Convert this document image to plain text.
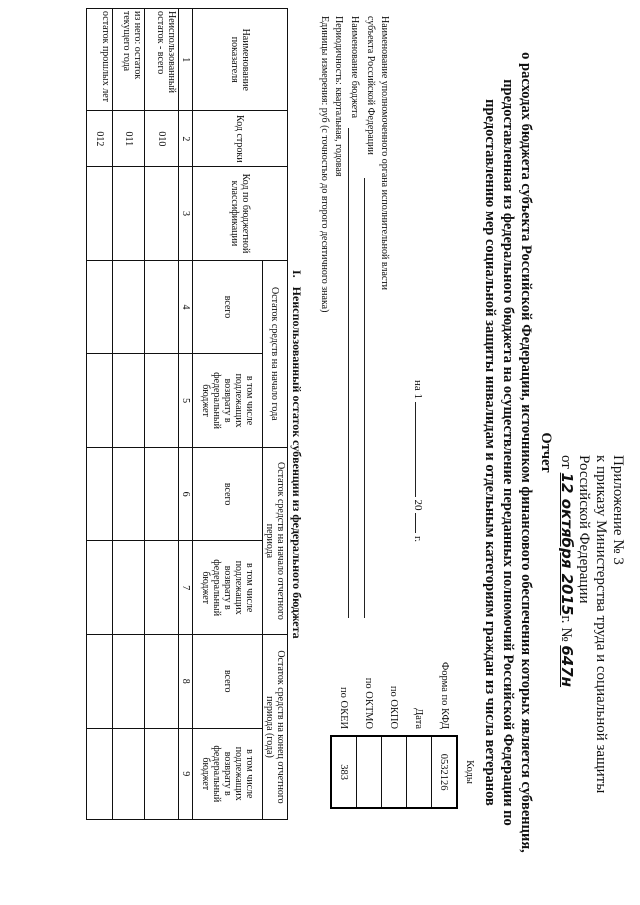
Приложение № 3
к приказу Министерства труда и социальной защиты
Российской Федерации
от 12 октября 2015г. № 647н
Отчет
о расходах бюджета субъекта Российской Федерации, источником финансового обеспечения которых является субвенция,
предоставленная из федерального бюджета на осуществление переданных полномочий Российской Федерации по
предоставлению мер социальной защиты инвалидам и отдельным категориям граждан из числа ветеранов
	Коды
Форма по КФД	0532126
Дата	
по ОКПО	
по ОКТМО	
по ОКЕИ	383
на 1  20  г.
Наименование уполномоченного органа исполнительной власти
субъекта Российской Федерации
Наименование бюджета
Периодичность: квартальная, годовая
Единицы измерения: руб (с точностью до второго десятичного знака)
I.   Неиспользованный остаток субвенции из федерального бюджета
Наименование показателя	Код строки	Код по бюджетной классификации	Остаток средств на начало года		Остаток средств на начало отчетного периода		Остаток средств на конец отчетного периода (года)	
			всего	в том числе подлежащих возврату в федеральный бюджет	всего	в том числе подлежащих возврату в федеральный бюджет	всего	в том числе подлежащих возврату в федеральный бюджет
1	2	3	4	5	6	7	8	9
Неиспользованный остаток - всего	010							
из него: остаток текущего года	011							
остаток прошлых лет	012							
